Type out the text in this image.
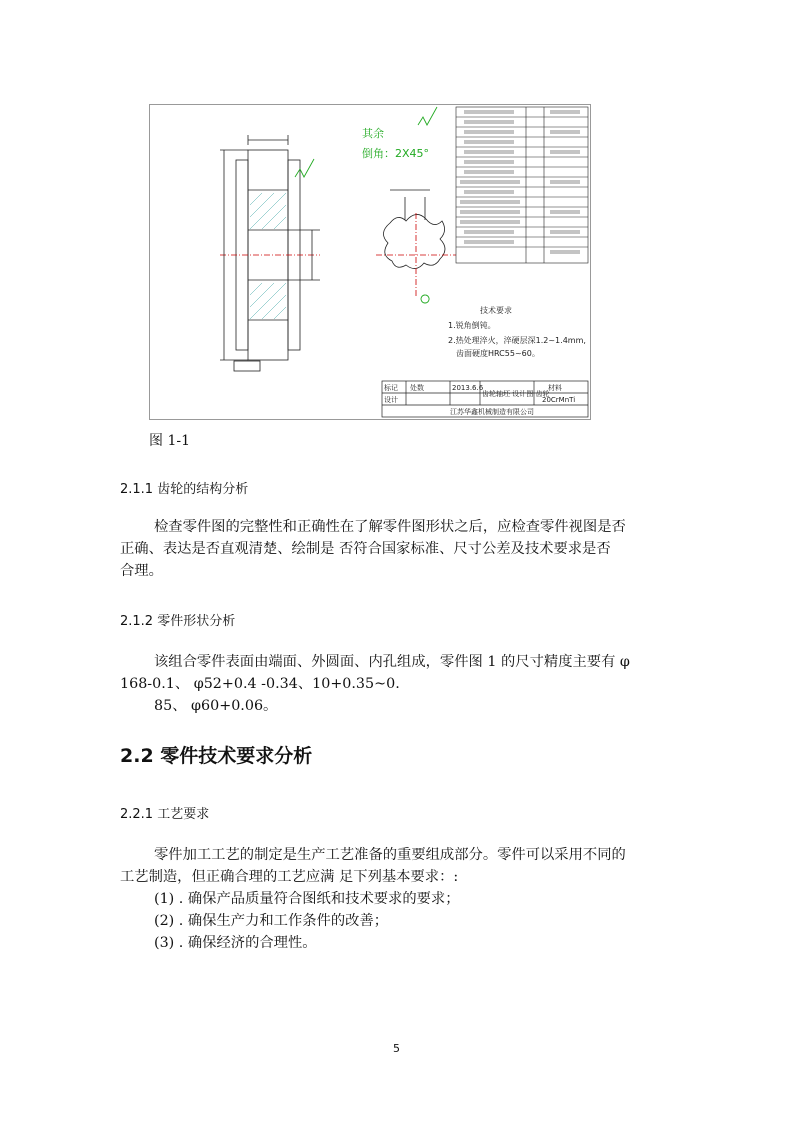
其余
倒角：2X45°
技术要求
1.锐角倒钝。
2.热处理淬火，淬硬层深1.2~1.4mm,
齿面硬度HRC55~60。
标记 处数	2013.6.6
设计
齿轮轴坯 设计图 齿轮
材料
20CrMnTi
江苏华鑫机械制造有限公司
图 1-1
2.1.1 齿轮的结构分析
检查零件图的完整性和正确性在了解零件图形状之后，应检查零件视图是否
正确、表达是否直观清楚、绘制是 否符合国家标准、尺寸公差及技术要求是否
合理。
2.1.2 零件形状分析
该组合零件表面由端面、外圆面、内孔组成，零件图 1 的尺寸精度主要有 φ
168-0.1、 φ52+0.4 -0.34、10+0.35~0.
85、 φ60+0.06。
2.2 零件技术要求分析
2.2.1 工艺要求
零件加工工艺的制定是生产工艺准备的重要组成部分。零件可以采用不同的
工艺制造，但正确合理的工艺应满 足下列基本要求：:
(1) . 确保产品质量符合图纸和技术要求的要求；
(2) . 确保生产力和工作条件的改善；
(3) . 确保经济的合理性。
5
